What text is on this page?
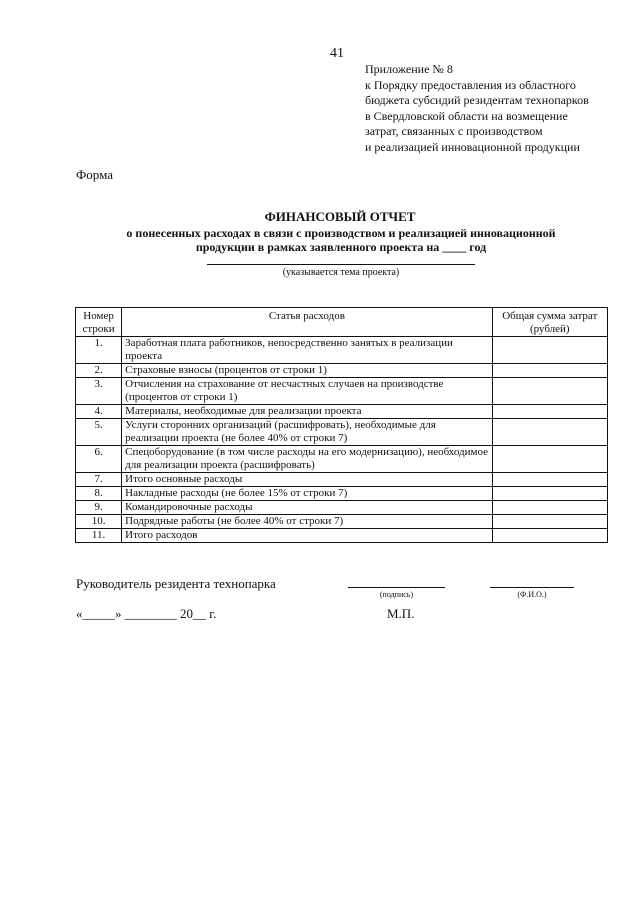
41
Приложение № 8
к Порядку предоставления из областного
бюджета субсидий резидентам технопарков
в Свердловской области на возмещение
затрат, связанных с производством
и реализацией инновационной продукции
Форма
ФИНАНСОВЫЙ ОТЧЕТ
о понесенных расходах в связи с производством и реализацией инновационной продукции в рамках заявленного проекта на ____ год
(указывается тема проекта)
Номер строки	Статья расходов	Общая сумма затрат (рублей)
1.	Заработная плата работников, непосредственно занятых в реализации проекта	
2.	Страховые взносы (процентов от строки 1)	
3.	Отчисления на страхование от несчастных случаев на производстве (процентов от строки 1)	
4.	Материалы, необходимые для реализации проекта	
5.	Услуги сторонних организаций (расшифровать), необходимые для реализации проекта (не более 40% от строки 7)	
6.	Спецоборудование (в том числе расходы на его модернизацию), необходимое для реализации проекта (расшифровать)	
7.	Итого основные расходы	
8.	Накладные расходы (не более 15% от строки 7)	
9.	Командировочные расходы	
10.	Подрядные работы (не более 40% от строки 7)	
11.	Итого расходов	
Руководитель резидента технопарка
(подпись)	(Ф.И.О.)
«_____» ________ 20__ г.	М.П.
